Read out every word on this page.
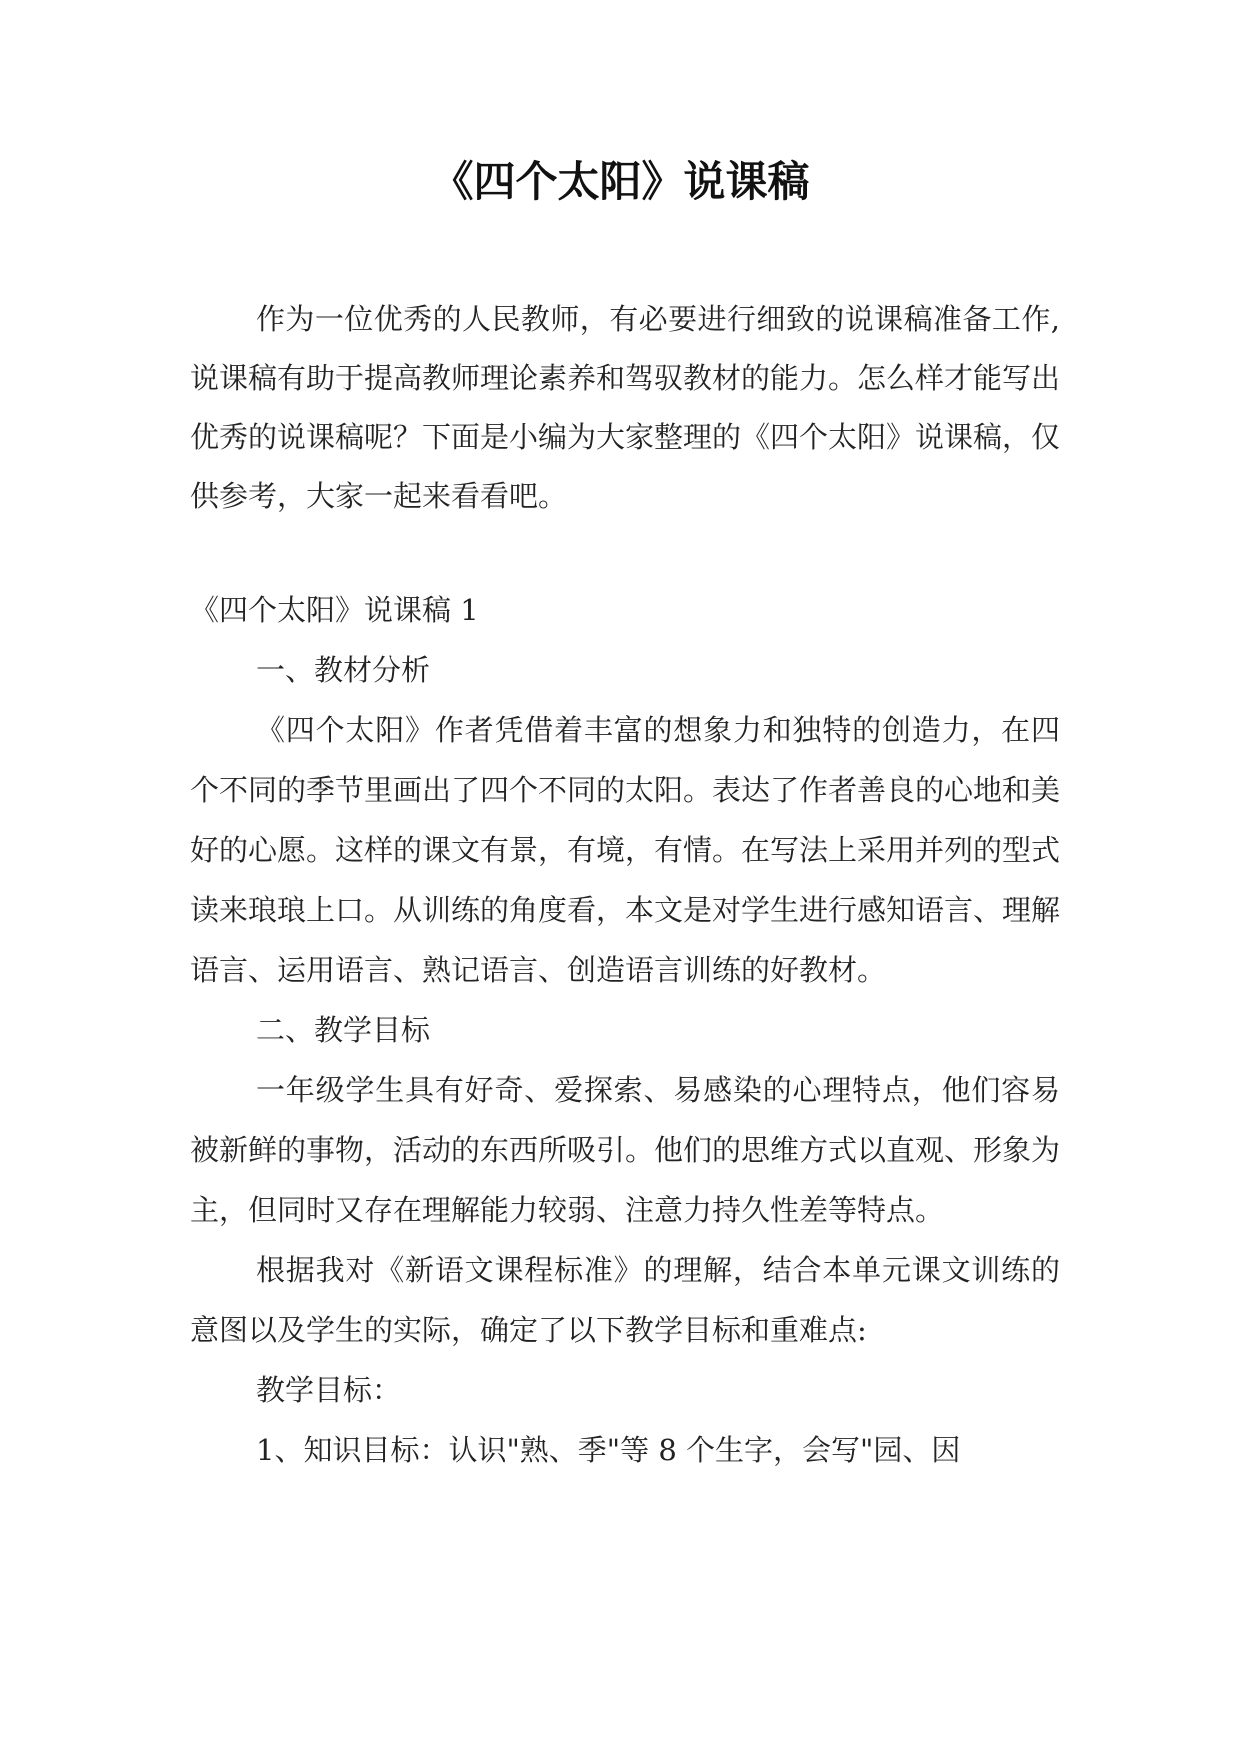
《四个太阳》说课稿

作为一位优秀的人民教师，有必要进行细致的说课稿准备工作,说课稿有助于提高教师理论素养和驾驭教材的能力。怎么样才能写出优秀的说课稿呢？下面是小编为大家整理的《四个太阳》说课稿，仅供参考，大家一起来看看吧。

《四个太阳》说课稿 1

一、教材分析

《四个太阳》作者凭借着丰富的想象力和独特的创造力，在四个不同的季节里画出了四个不同的太阳。表达了作者善良的心地和美好的心愿。这样的课文有景，有境，有情。在写法上采用并列的型式读来琅琅上口。从训练的角度看，本文是对学生进行感知语言、理解语言、运用语言、熟记语言、创造语言训练的好教材。

二、教学目标

一年级学生具有好奇、爱探索、易感染的心理特点，他们容易被新鲜的事物，活动的东西所吸引。他们的思维方式以直观、形象为主，但同时又存在理解能力较弱、注意力持久性差等特点。

根据我对《新语文课程标准》的理解，结合本单元课文训练的意图以及学生的实际，确定了以下教学目标和重难点:

教学目标：

1、知识目标：认识"熟、季"等 8 个生字，会写"园、因
